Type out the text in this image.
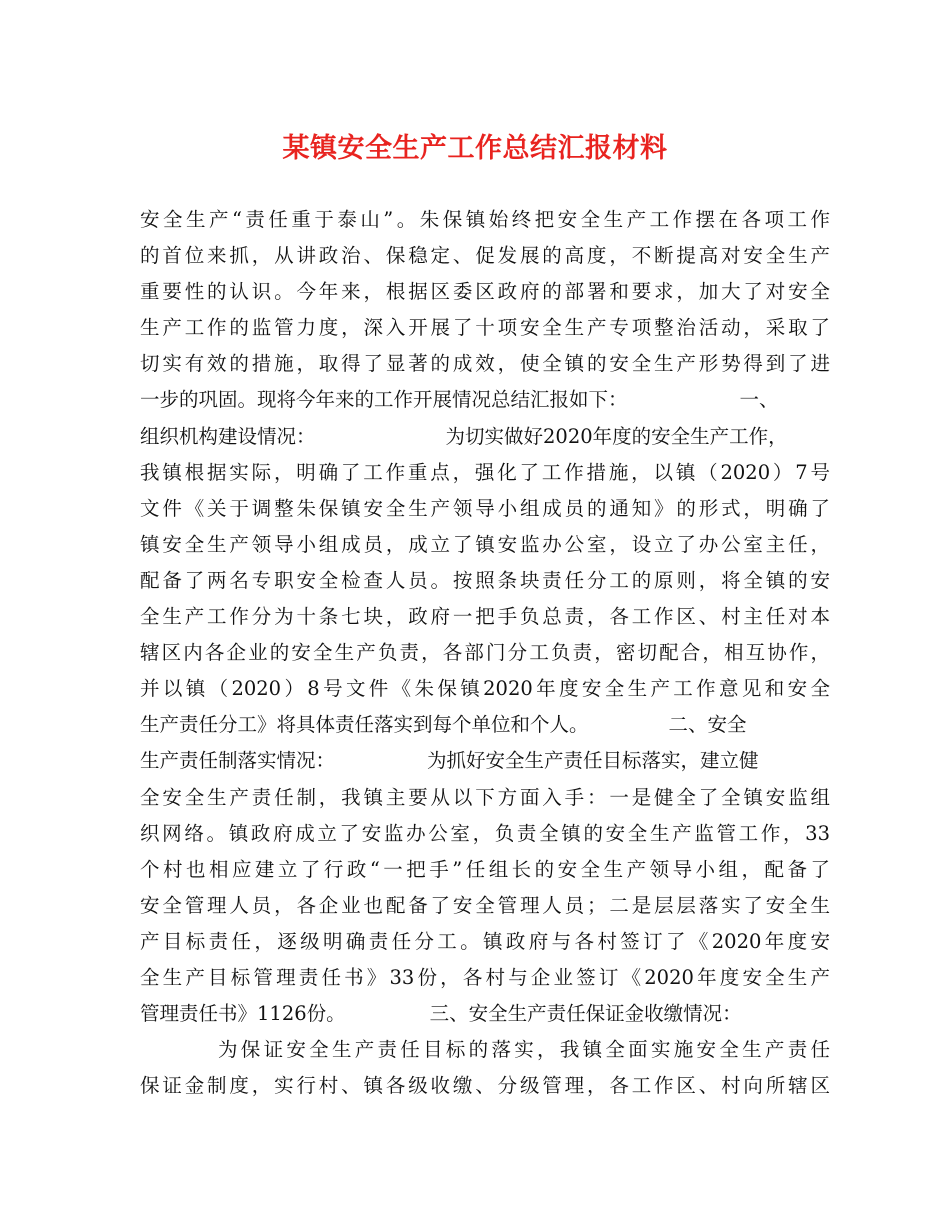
某镇安全生产工作总结汇报材料
安全生产“责任重于泰山”。朱保镇始终把安全生产工作摆在各项工作
的首位来抓，从讲政治、保稳定、促发展的高度，不断提高对安全生产
重要性的认识。今年来，根据区委区政府的部署和要求，加大了对安全
生产工作的监管力度，深入开展了十项安全生产专项整治活动，采取了
切实有效的措施，取得了显著的成效，使全镇的安全生产形势得到了进
一步的巩固。现将今年来的工作开展情况总结汇报如下：	一、
组织机构建设情况：	为切实做好2020年度的安全生产工作，
我镇根据实际，明确了工作重点，强化了工作措施，以镇（2020）7号
文件《关于调整朱保镇安全生产领导小组成员的通知》的形式，明确了
镇安全生产领导小组成员，成立了镇安监办公室，设立了办公室主任，
配备了两名专职安全检查人员。按照条块责任分工的原则，将全镇的安
全生产工作分为十条七块，政府一把手负总责，各工作区、村主任对本
辖区内各企业的安全生产负责，各部门分工负责，密切配合，相互协作，
并以镇（2020）8号文件《朱保镇2020年度安全生产工作意见和安全
生产责任分工》将具体责任落实到每个单位和个人。	二、安全
生产责任制落实情况：	为抓好安全生产责任目标落实，建立健
全安全生产责任制，我镇主要从以下方面入手：一是健全了全镇安监组
织网络。镇政府成立了安监办公室，负责全镇的安全生产监管工作，33
个村也相应建立了行政“一把手”任组长的安全生产领导小组，配备了
安全管理人员，各企业也配备了安全管理人员；二是层层落实了安全生
产目标责任，逐级明确责任分工。镇政府与各村签订了《2020年度安
全生产目标管理责任书》33份，各村与企业签订《2020年度安全生产
管理责任书》1126份。	三、安全生产责任保证金收缴情况：
为保证安全生产责任目标的落实，我镇全面实施安全生产责任
保证金制度，实行村、镇各级收缴、分级管理，各工作区、村向所辖区
